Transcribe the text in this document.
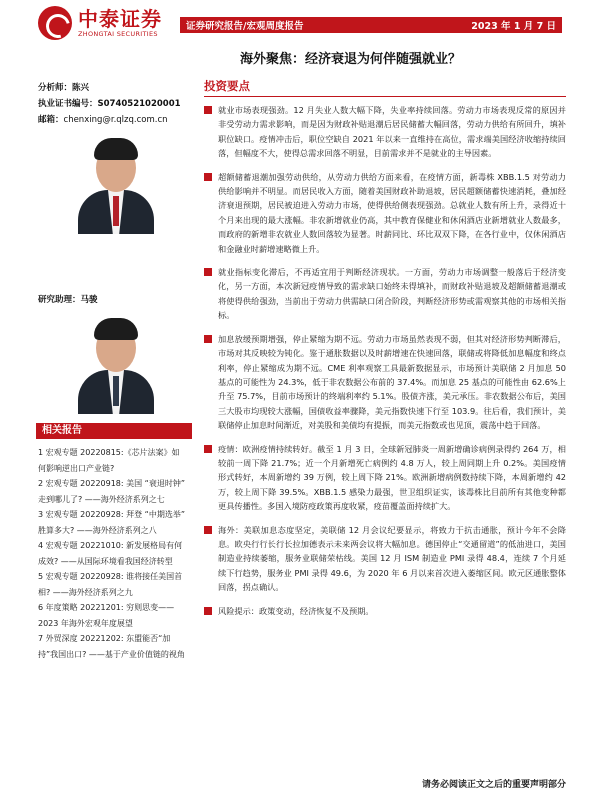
中泰证券
ZHONGTAI SECURITIES
证券研究报告/宏观周度报告	2023 年 1 月 7 日
海外聚焦：经济衰退为何伴随强就业？
分析师：陈兴
执业证书编号：S0740521020001
邮箱：chenxing@r.qlzq.com.cn
研究助理：马骏
相关报告
1 宏观专题 20220815:《芯片法案》如何影响逆出口产业链?
2 宏观专题 20220918: 美国 “衰退时钟” 走到哪儿了? ——海外经济系列之七
3 宏观专题 20220928: 拜登 “中期选举” 胜算多大? ——海外经济系列之八
4 宏观专题 20221010: 新发展格局有何成效? ——从国际环境看我国经济转型
5 宏观专题 20220928: 谁将接任美国首相? ——海外经济系列之九
6 年度策略 20221201: 穷则思变——2023 年海外宏观年度展望
7 外贸深度 20221202: 东盟能否“加持”我国出口? ——基于产业价值链的视角
投资要点
就业市场表现强劲。12 月失业人数大幅下降，失业率持续回落。劳动力市场表现反常的原因并非受劳动力需求影响，而是因为财政补贴退潮后居民储蓄大幅回落，劳动力供给有所回升，填补职位缺口。疫情冲击后，职位空缺自 2021 年以来一直维持在高位，需求端美国经济收缩持续回落，但幅度不大，使得总需求回落不明显，目前需求并不是就业的主导因素。
超额储蓄退潮加强劳动供给，从劳动力供给方面来看，在疫情方面，新毒株 XBB.1.5 对劳动力供给影响并不明显。而居民收入方面，随着美国财政补助退坡，居民超额储蓄快速消耗，叠加经济衰退预期，居民被迫进入劳动力市场，使得供给侧表现强劲。总就业人数有所上升，录得近十个月来出现的最大涨幅。非农新增就业仍高，其中教育保健业和休闲酒店业新增就业人数最多，而政府的新增非农就业人数回落较为显著。时薪同比、环比双双下降，在各行业中，仅休闲酒店和金融业时薪增速略微上升。
就业指标变化滞后，不再适宜用于判断经济现状。一方面，劳动力市场调整一般落后于经济变化，另一方面，本次新冠疫情导致的需求缺口始终未得填补，而财政补贴退坡及超额储蓄退潮或将使得供给强劲，当前出于劳动力供需缺口闭合阶段，判断经济形势或需观察其他的市场相关指标。
加息放缓预期增强，停止紧缩为期不远。劳动力市场虽然表现不弱，但其对经济形势判断滞后，市场对其反映较为钝化。鉴于通胀数据以及时薪增速在快速回落，联储或将降低加息幅度和终点利率，停止紧缩成为期不远。CME 利率观察工具最新数据显示，市场预计美联储 2 月加息 50 基点的可能性为 24.3%，低于非农数据公布前的 37.4%。而加息 25 基点的可能性由 62.6%上升至 75.7%，目前市场预计的终端利率约 5.1%。股债齐涨，美元承压。非农数据公布后，美国三大股市均现较大涨幅，国债收益率骤降，美元指数快速下行至 103.9。往后看，我们预计，美联储停止加息时间渐近，对美股和美债均有提振，而美元指数或也见顶，震荡中趋于回落。
疫情：欧洲疫情持续转好。截至 1 月 3 日，全球新冠肺炎一周新增确诊病例录得约 264 万，相较前一周下降 21.7%；近一个月新增死亡病例约 4.8 万人，较上周同期上升 0.2%。美国疫情形式转好，本周新增约 39 万例，较上周下降 21%。欧洲新增病例数持续下降，本周新增约 42 万，较上周下降 39.5%。XBB.1.5 感染力最强，世卫组织证实，该毒株比目前所有其他变种都更具传播性。多国入境防疫政策再度收紧，疫苗覆盖面持续扩大。
海外：美联加息态度坚定，美联储 12 月会议纪要显示，将致力于抗击通胀，预计今年不会降息。欧央行行长行长拉加德表示未来两会议将大幅加息。德国停止“交通留道”的低油进口，美国制造业持续萎缩，服务业联储荣枯线。美国 12 月 ISM 制造业 PMI 录得 48.4，连续 7 个月延续下行趋势，服务业 PMI 录得 49.6，为 2020 年 6 月以来首次进入萎缩区间。欧元区通胀整体回落，拐点确认。
风险提示：政策变动，经济恢复不及预期。
请务必阅读正文之后的重要声明部分
